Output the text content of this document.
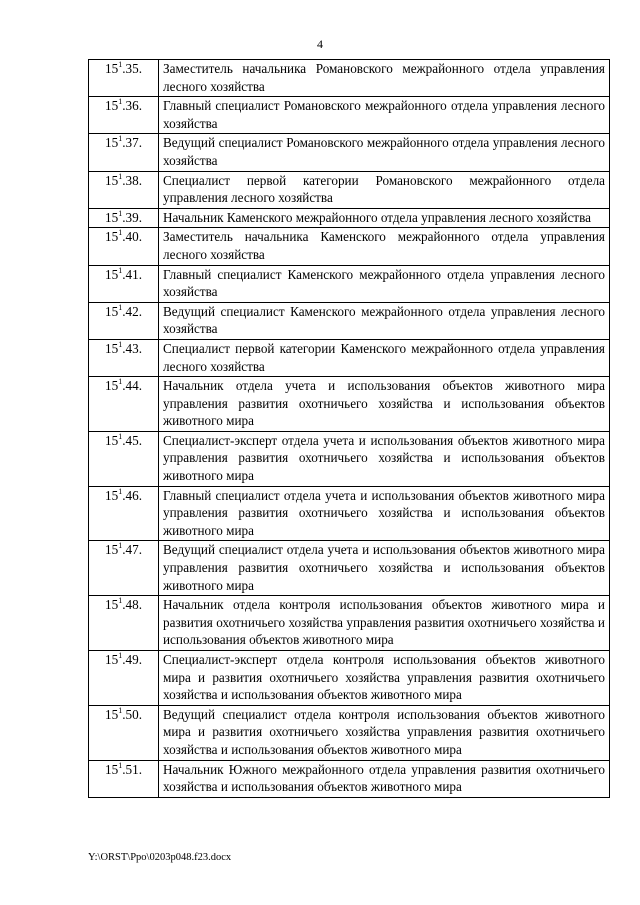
4
$15^1.35$.	Заместитель начальника Романовского межрайонного отдела управления лесного хозяйства
$15^1.36$.	Главный специалист Романовского межрайонного отдела управления лесного хозяйства
$15^1.37$.	Ведущий специалист Романовского межрайонного отдела управления лесного хозяйства
$15^1.38$.	Специалист первой категории Романовского межрайонного отдела управления лесного хозяйства
$15^1.39$.	Начальник Каменского межрайонного отдела управления лесного хозяйства
$15^1.40$.	Заместитель начальника Каменского межрайонного отдела управления лесного хозяйства
$15^1.41$.	Главный специалист Каменского межрайонного отдела управления лесного хозяйства
$15^1.42$.	Ведущий специалист Каменского межрайонного отдела управления лесного хозяйства
$15^1.43$.	Специалист первой категории Каменского межрайонного отдела управления лесного хозяйства
$15^1.44$.	Начальник отдела учета и использования объектов животного мира управления развития охотничьего хозяйства и использования объектов животного мира
$15^1.45$.	Специалист-эксперт отдела учета и использования объектов животного мира управления развития охотничьего хозяйства и использования объектов животного мира
$15^1.46$.	Главный специалист отдела учета и использования объектов животного мира управления развития охотничьего хозяйства и использования объектов животного мира
$15^1.47$.	Ведущий специалист отдела учета и использования объектов животного мира управления развития охотничьего хозяйства и использования объектов животного мира
$15^1.48$.	Начальник отдела контроля использования объектов животного мира и развития охотничьего хозяйства управления развития охотничьего хозяйства и использования объектов животного мира
$15^1.49$.	Специалист-эксперт отдела контроля использования объектов животного мира и развития охотничьего хозяйства управления развития охотничьего хозяйства и использования объектов животного мира
$15^1.50$.	Ведущий специалист отдела контроля использования объектов животного мира и развития охотничьего хозяйства управления развития охотничьего хозяйства и использования объектов животного мира
$15^1.51$.	Начальник Южного межрайонного отдела управления развития охотничьего хозяйства и использования объектов животного мира
Y:\ORST\Ppo\0203p048.f23.docx
